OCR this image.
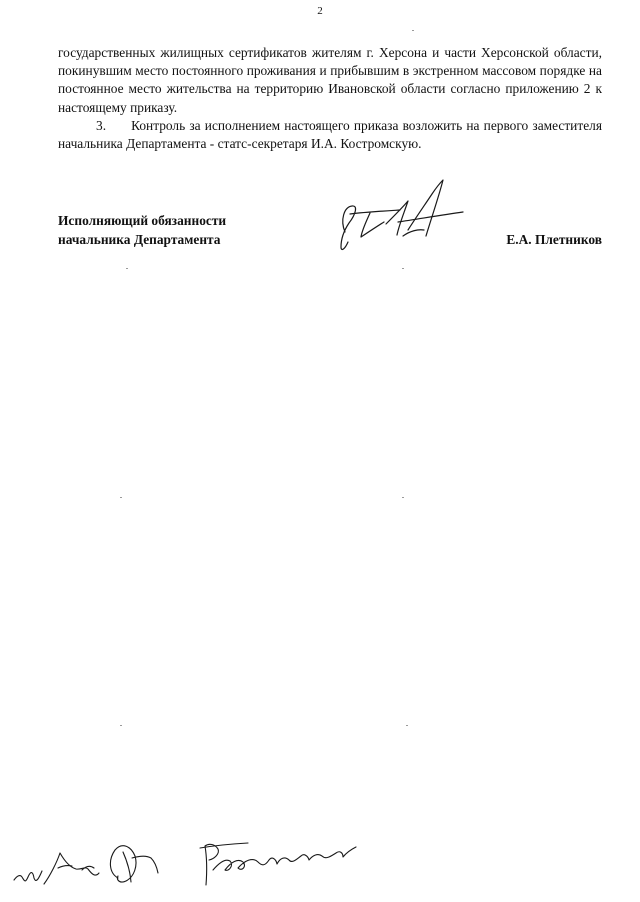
2

государственных жилищных сертификатов жителям г. Херсона и части Херсонской области, покинувшим место постоянного проживания и прибывшим в экстренном массовом порядке на постоянное место жительства на территорию Ивановской области согласно приложению 2 к настоящему приказу.

3. Контроль за исполнением настоящего приказа возложить на первого заместителя начальника Департамента - статс-секретаря И.А. Костромскую.

Исполняющий обязанности
начальника Департамента	Е.А. Плетников
